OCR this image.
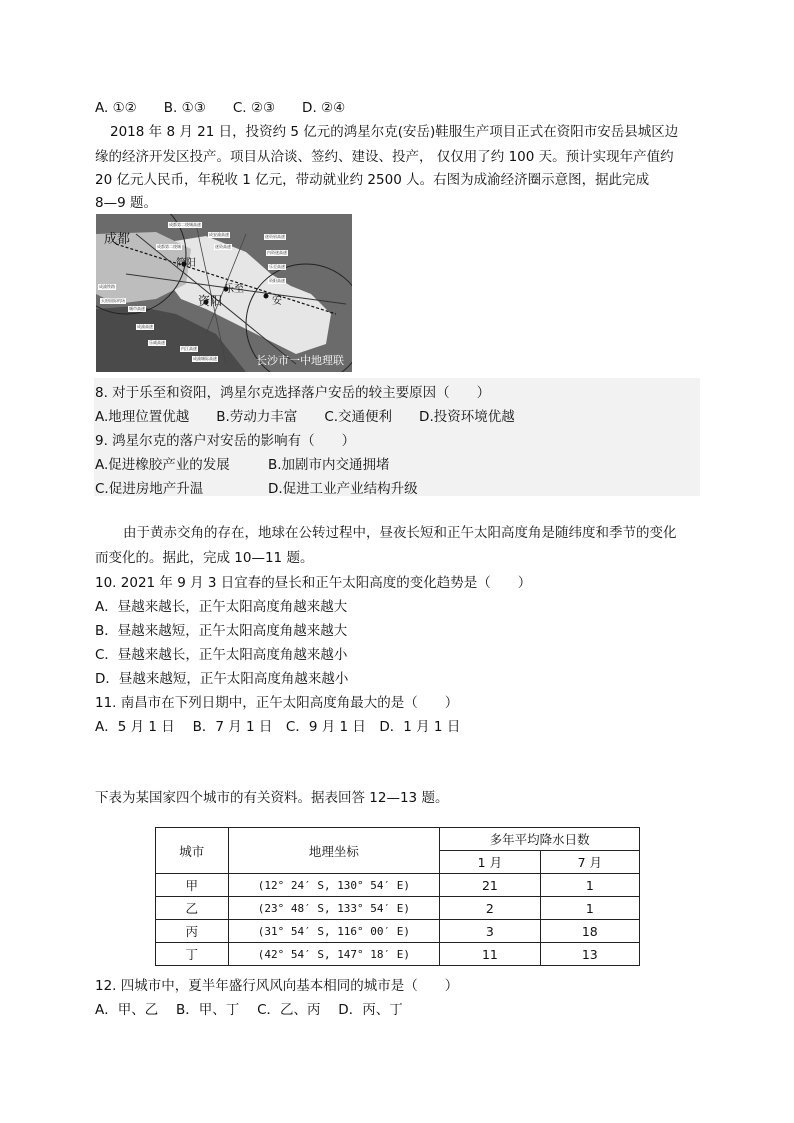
A. ①②　　B. ①③　　C. ②③　　D. ②④
2018 年 8 月 21 日，投资约 5 亿元的鸿星尔克(安岳)鞋服生产项目正式在资阳市安岳县城区边
缘的经济开发区投产。项目从洽谈、签约、建设、投产， 仅仅用了约 100 天。预计实现年产值约
20 亿元人民币，年税收 1 亿元，带动就业约 2500 人。右图为成渝经济圈示意图，据此完成
8—9 题。
成都
简阳
乐至
资阳	安
成都第二绕城高速
成安渝高速	遂资眉高速
内资遂高速
乐至高速
资阳高速
成都第二绕城
成渝铁路
成渝高速
乐威高速
成渝城际高速
城市高速
天府国际机场
遂资高速
内江高速
长沙市一中地理联
8. 对于乐至和资阳，鸿星尔克选择落户安岳的较主要原因（　　）
A.地理位置优越　　B.劳动力丰富　　C.交通便利　　D.投资环境优越
9. 鸿星尔克的落户对安岳的影响有（　　）
A.促进橡胶产业的发展	B.加剧市内交通拥堵
C.促进房地产升温	D.促进工业产业结构升级
由于黄赤交角的存在，地球在公转过程中，昼夜长短和正午太阳高度角是随纬度和季节的变化
而变化的。据此，完成 10—11 题。
10. 2021 年 9 月 3 日宜春的昼长和正午太阳高度的变化趋势是（　　）
A．昼越来越长，正午太阳高度角越来越大
B．昼越来越短，正午太阳高度角越来越大
C．昼越来越长，正午太阳高度角越来越小
D．昼越来越短，正午太阳高度角越来越小
11. 南昌市在下列日期中，正午太阳高度角最大的是（　　）
A．5 月 1 日　 B．7 月 1 日　C．9 月 1 日　D．1 月 1 日
下表为某国家四个城市的有关资料。据表回答 12—13 题。
城市	地理坐标	多年平均降水日数	
		1 月	7 月
甲	(12° 24′ S, 130° 54′ E)	21	1
乙	(23° 48′ S, 133° 54′ E)	2	1
丙	(31° 54′ S, 116° 00′ E)	3	18
丁	(42° 54′ S, 147° 18′ E)	11	13
12. 四城市中，夏半年盛行风风向基本相同的城市是（　　）
A．甲、乙　 B．甲、丁　 C．乙、丙　 D．丙、丁
